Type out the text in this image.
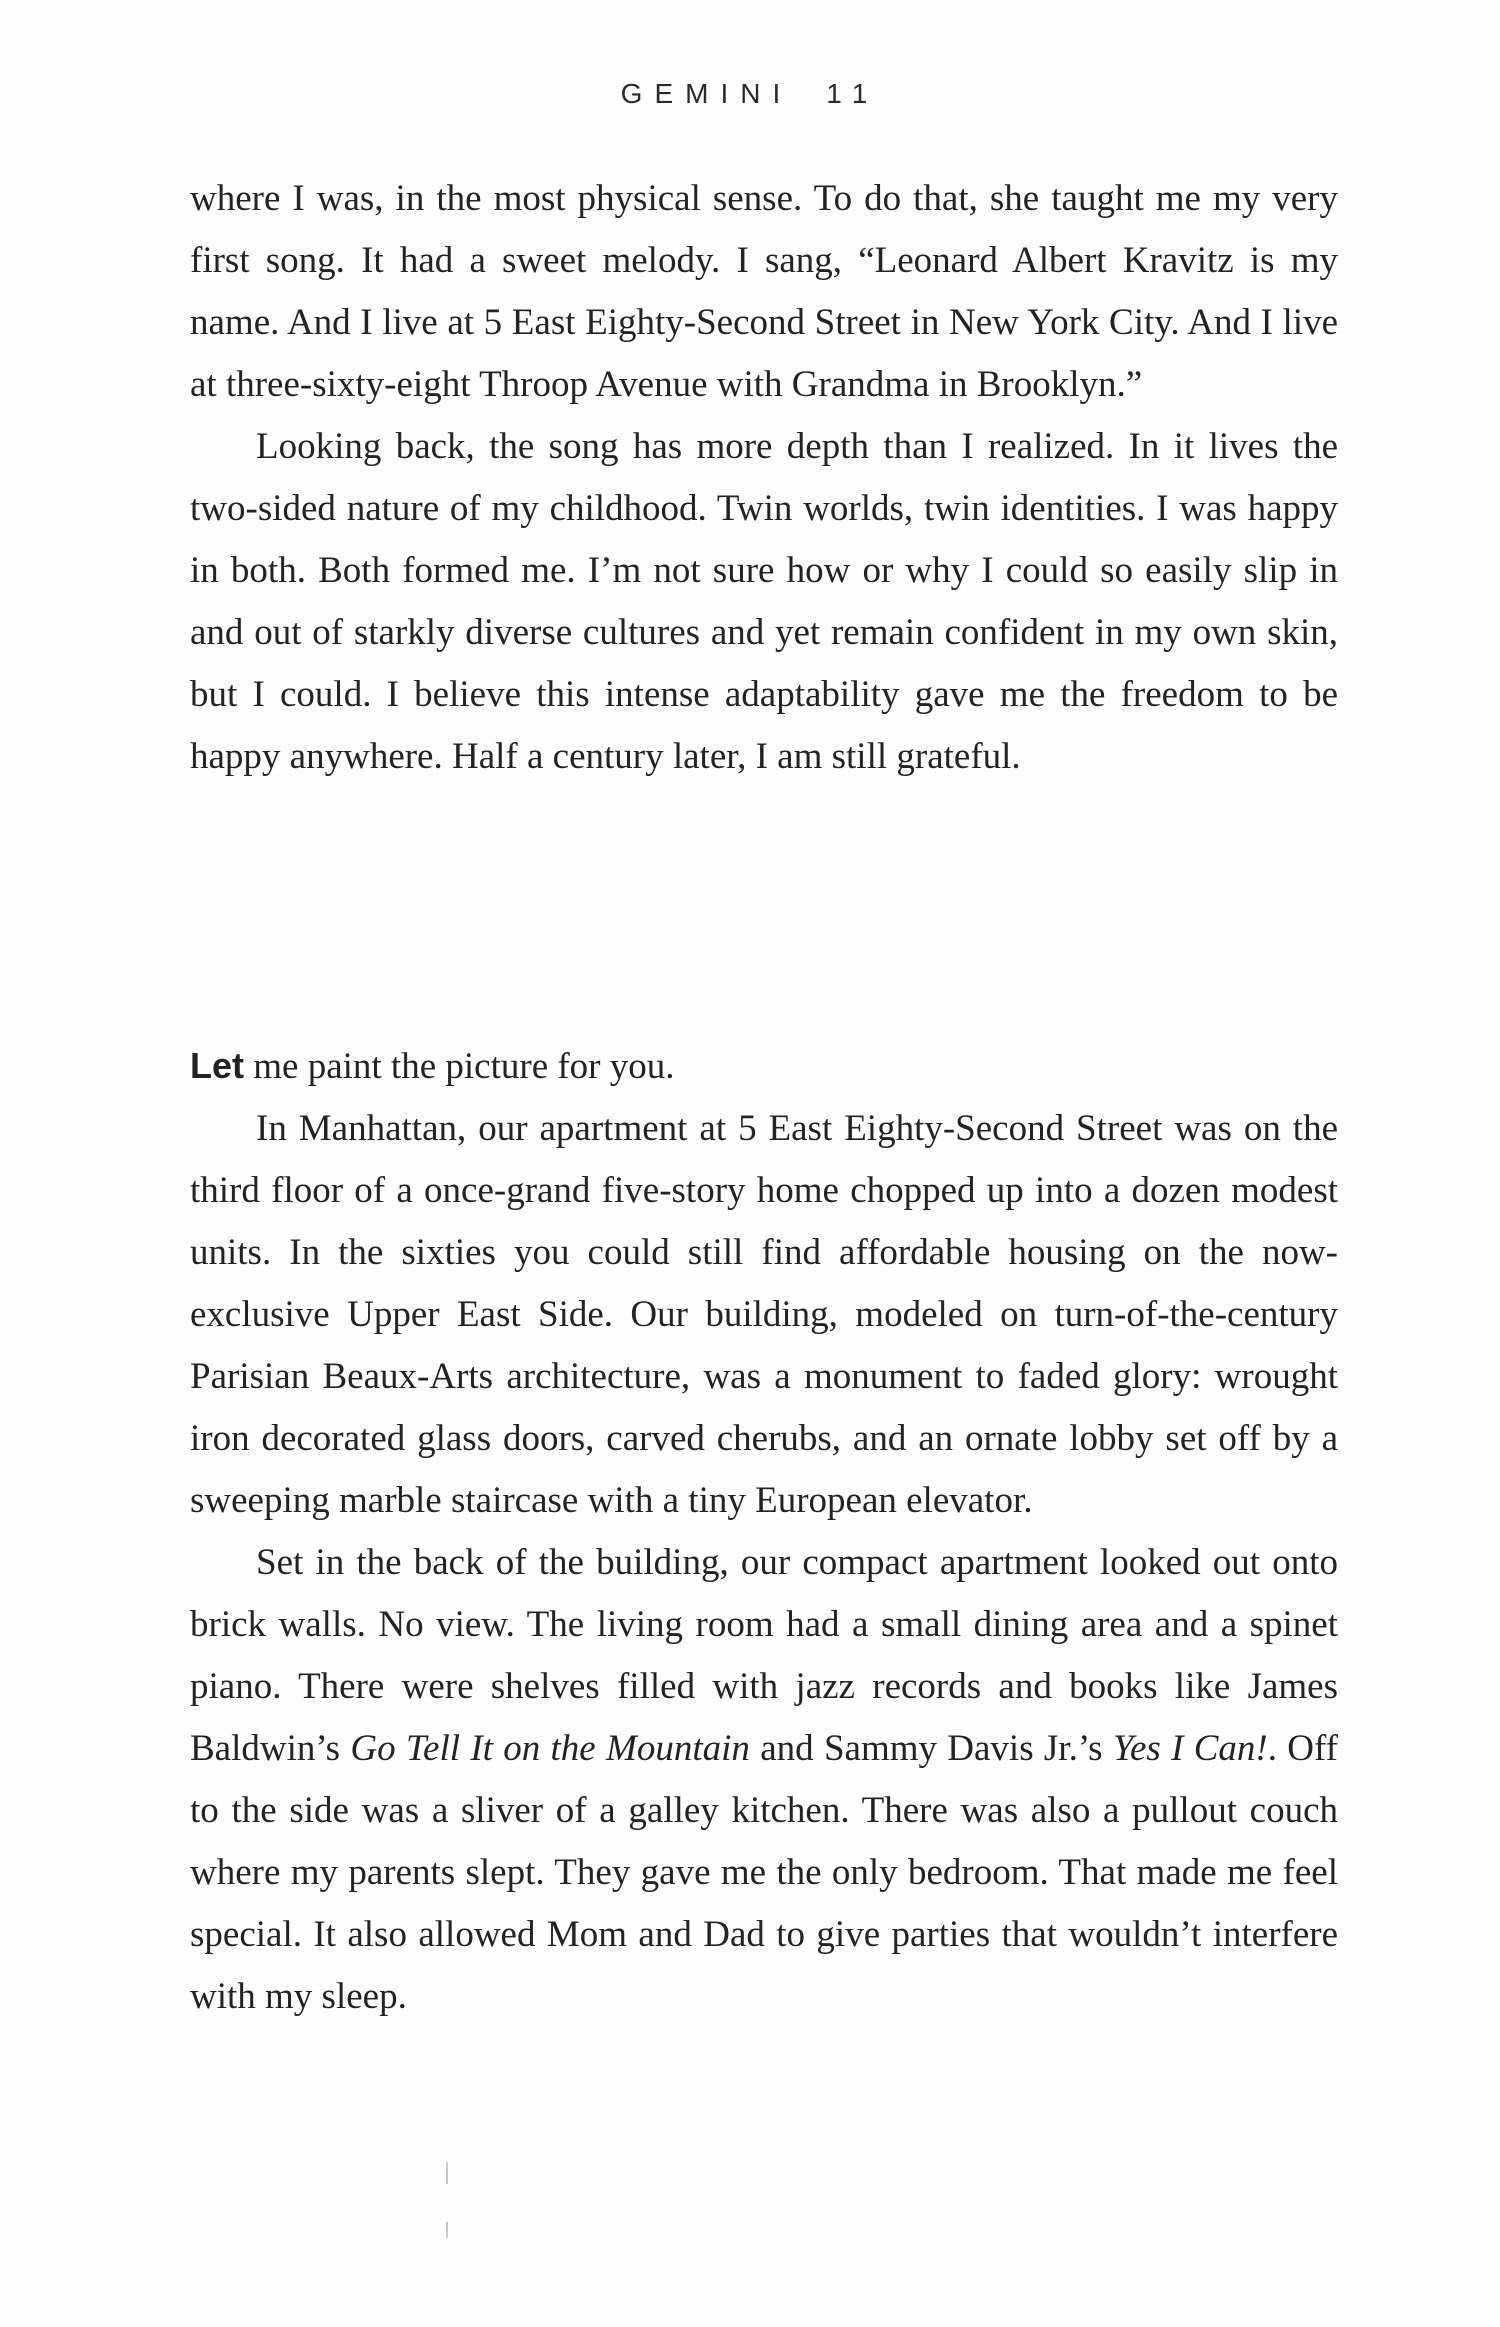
GEMINI 11

where I was, in the most physical sense. To do that, she taught me my very first song. It had a sweet melody. I sang, “Leonard Albert Kravitz is my name. And I live at 5 East Eighty-Second Street in New York City. And I live at three-sixty-eight Throop Avenue with Grandma in Brooklyn.”

Looking back, the song has more depth than I realized. In it lives the two-sided nature of my childhood. Twin worlds, twin identities. I was happy in both. Both formed me. I’m not sure how or why I could so easily slip in and out of starkly diverse cultures and yet remain confident in my own skin, but I could. I believe this intense adaptability gave me the freedom to be happy anywhere. Half a century later, I am still grateful.

Let me paint the picture for you.

In Manhattan, our apartment at 5 East Eighty-Second Street was on the third floor of a once-grand five-story home chopped up into a dozen modest units. In the sixties you could still find affordable housing on the now-exclusive Upper East Side. Our building, modeled on turn-of-the-century Parisian Beaux-Arts architecture, was a monument to faded glory: wrought iron decorated glass doors, carved cherubs, and an ornate lobby set off by a sweeping marble staircase with a tiny European elevator.

Set in the back of the building, our compact apartment looked out onto brick walls. No view. The living room had a small dining area and a spinet piano. There were shelves filled with jazz records and books like James Baldwin’s Go Tell It on the Mountain and Sammy Davis Jr.’s Yes I Can!. Off to the side was a sliver of a galley kitchen. There was also a pullout couch where my parents slept. They gave me the only bedroom. That made me feel special. It also allowed Mom and Dad to give parties that wouldn’t interfere with my sleep.
